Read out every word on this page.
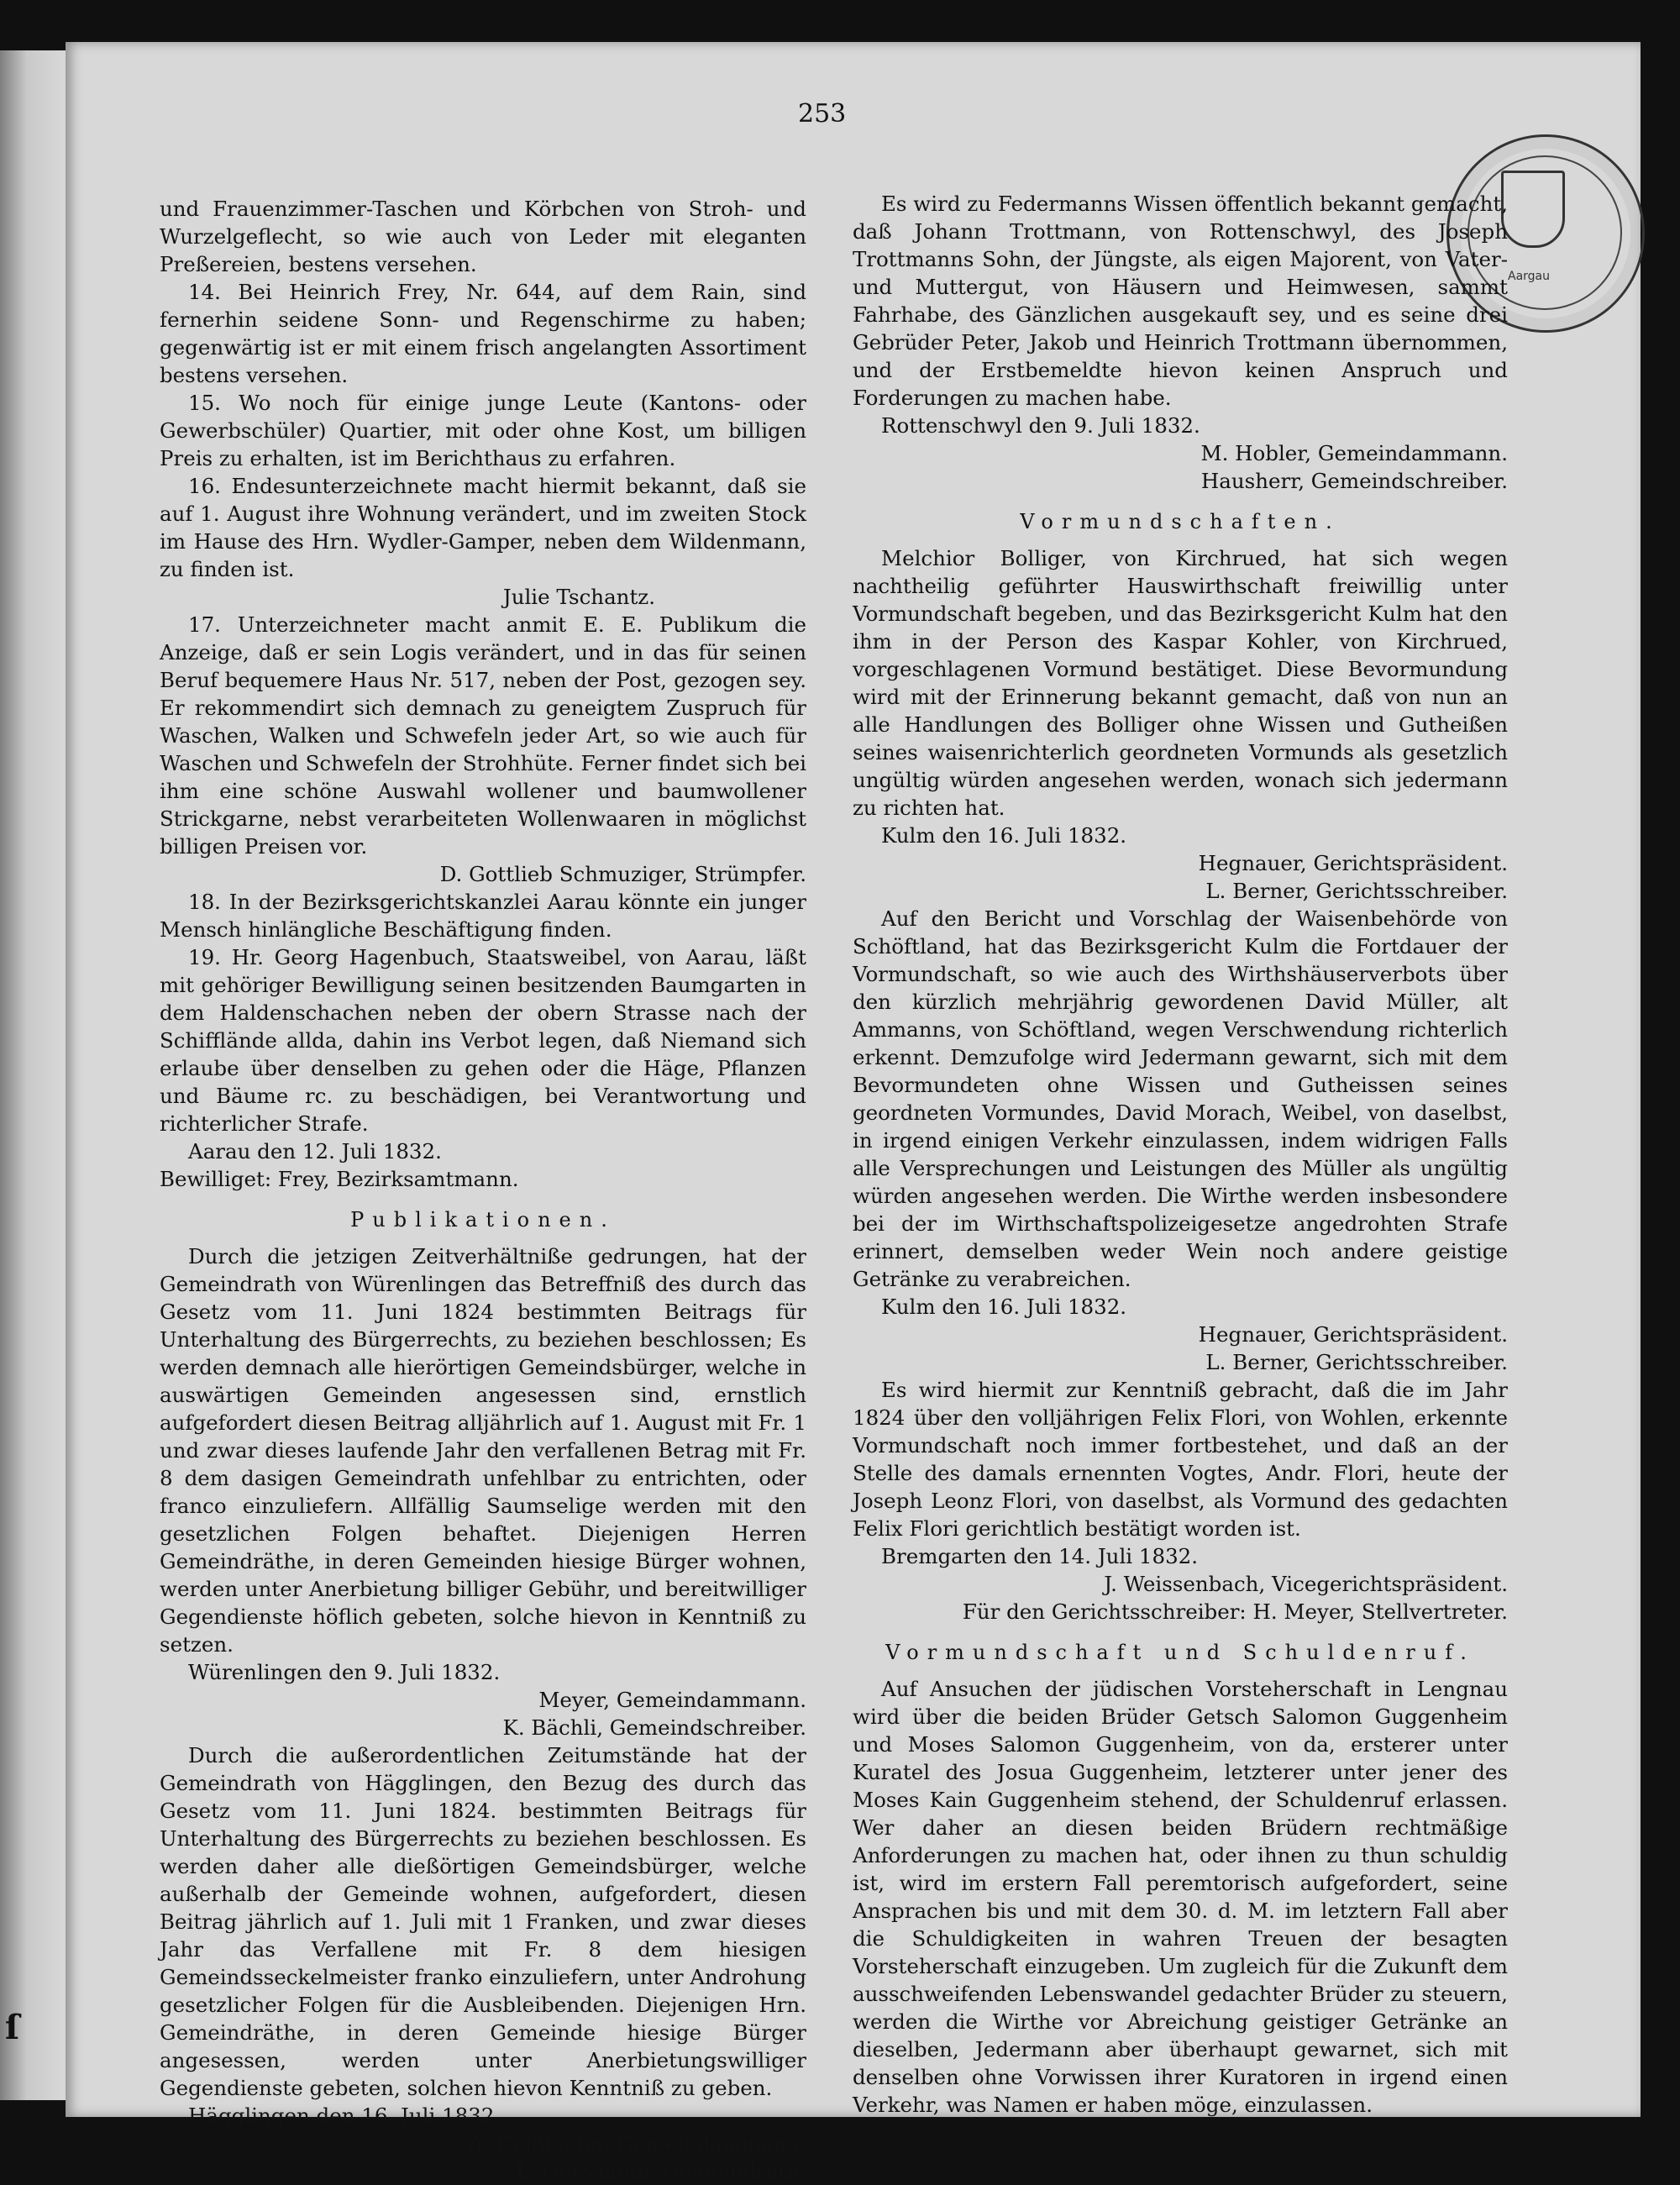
ſ
253
Aargau

und Frauenzimmer-Taschen und Körbchen von Stroh- und Wurzelgeflecht, so wie auch von Leder mit eleganten Preßereien, bestens versehen.

14. Bei Heinrich Frey, Nr. 644, auf dem Rain, sind fernerhin seidene Sonn- und Regenschirme zu haben; gegenwärtig ist er mit einem frisch angelangten Assortiment bestens versehen.

15. Wo noch für einige junge Leute (Kantons- oder Gewerbschüler) Quartier, mit oder ohne Kost, um billigen Preis zu erhalten, ist im Berichthaus zu erfahren.

16. Endesunterzeichnete macht hiermit bekannt, daß sie auf 1. August ihre Wohnung verändert, und im zweiten Stock im Hause des Hrn. Wydler-Gamper, neben dem Wildenmann, zu finden ist.

Julie Tschantz.

17. Unterzeichneter macht anmit E. E. Publikum die Anzeige, daß er sein Logis verändert, und in das für seinen Beruf bequemere Haus Nr. 517, neben der Post, gezogen sey. Er rekommendirt sich demnach zu geneigtem Zuspruch für Waschen, Walken und Schwefeln jeder Art, so wie auch für Waschen und Schwefeln der Strohhüte. Ferner findet sich bei ihm eine schöne Auswahl wollener und baumwollener Strickgarne, nebst verarbeiteten Wollenwaaren in möglichst billigen Preisen vor.

D. Gottlieb Schmuziger, Strümpfer.

18. In der Bezirksgerichtskanzlei Aarau könnte ein junger Mensch hinlängliche Beschäftigung finden.

19. Hr. Georg Hagenbuch, Staatsweibel, von Aarau, läßt mit gehöriger Bewilligung seinen besitzenden Baumgarten in dem Haldenschachen neben der obern Strasse nach der Schifflände allda, dahin ins Verbot legen, daß Niemand sich erlaube über denselben zu gehen oder die Häge, Pflanzen und Bäume rc. zu beschädigen, bei Verantwortung und richterlicher Strafe.

Aarau den 12. Juli 1832.

Bewilliget: Frey, Bezirksamtmann.

Publikationen.

Durch die jetzigen Zeitverhältniße gedrungen, hat der Gemeindrath von Würenlingen das Betreffniß des durch das Gesetz vom 11. Juni 1824 bestimmten Beitrags für Unterhaltung des Bürgerrechts, zu beziehen beschlossen; Es werden demnach alle hierörtigen Gemeindsbürger, welche in auswärtigen Gemeinden angesessen sind, ernstlich aufgefordert diesen Beitrag alljährlich auf 1. August mit Fr. 1 und zwar dieses laufende Jahr den verfallenen Betrag mit Fr. 8 dem dasigen Gemeindrath unfehlbar zu entrichten, oder franco einzuliefern. Allfällig Saumselige werden mit den gesetzlichen Folgen behaftet. Diejenigen Herren Gemeindräthe, in deren Gemeinden hiesige Bürger wohnen, werden unter Anerbietung billiger Gebühr, und bereitwilliger Gegendienste höflich gebeten, solche hievon in Kenntniß zu setzen.

Würenlingen den 9. Juli 1832.

Meyer, Gemeindammann.

K. Bächli, Gemeindschreiber.

Durch die außerordentlichen Zeitumstände hat der Gemeindrath von Hägglingen, den Bezug des durch das Gesetz vom 11. Juni 1824. bestimmten Beitrags für Unterhaltung des Bürgerrechts zu beziehen beschlossen. Es werden daher alle dießörtigen Gemeindsbürger, welche außerhalb der Gemeinde wohnen, aufgefordert, diesen Beitrag jährlich auf 1. Juli mit 1 Franken, und zwar dieses Jahr das Verfallene mit Fr. 8 dem hiesigen Gemeindsseckelmeister franko einzuliefern, unter Androhung gesetzlicher Folgen für die Ausbleibenden. Diejenigen Hrn. Gemeindräthe, in deren Gemeinde hiesige Bürger angesessen, werden unter Anerbietungswilliger Gegendienste gebeten, solchen hievon Kenntniß zu geben.

Hägglingen den 16. Juli 1832.

A. Geißmann, Gemeindammann.

L. Geißmann, Gemeindrath.

Es wird zu Federmanns Wissen öffentlich bekannt gemacht, daß Johann Trottmann, von Rottenschwyl, des Joseph Trottmanns Sohn, der Jüngste, als eigen Majorent, von Vater- und Muttergut, von Häusern und Heimwesen, sammt Fahrhabe, des Gänzlichen ausgekauft sey, und es seine drei Gebrüder Peter, Jakob und Heinrich Trottmann übernommen, und der Erstbemeldte hievon keinen Anspruch und Forderungen zu machen habe.

Rottenschwyl den 9. Juli 1832.

M. Hobler, Gemeindammann.

Hausherr, Gemeindschreiber.

Vormundschaften.

Melchior Bolliger, von Kirchrued, hat sich wegen nachtheilig geführter Hauswirthschaft freiwillig unter Vormundschaft begeben, und das Bezirksgericht Kulm hat den ihm in der Person des Kaspar Kohler, von Kirchrued, vorgeschlagenen Vormund bestätiget. Diese Bevormundung wird mit der Erinnerung bekannt gemacht, daß von nun an alle Handlungen des Bolliger ohne Wissen und Gutheißen seines waisenrichterlich geordneten Vormunds als gesetzlich ungültig würden angesehen werden, wonach sich jedermann zu richten hat.

Kulm den 16. Juli 1832.

Hegnauer, Gerichtspräsident.

L. Berner, Gerichtsschreiber.

Auf den Bericht und Vorschlag der Waisenbehörde von Schöftland, hat das Bezirksgericht Kulm die Fortdauer der Vormundschaft, so wie auch des Wirthshäuserverbots über den kürzlich mehrjährig gewordenen David Müller, alt Ammanns, von Schöftland, wegen Verschwendung richterlich erkennt. Demzufolge wird Jedermann gewarnt, sich mit dem Bevormundeten ohne Wissen und Gutheissen seines geordneten Vormundes, David Morach, Weibel, von daselbst, in irgend einigen Verkehr einzulassen, indem widrigen Falls alle Versprechungen und Leistungen des Müller als ungültig würden angesehen werden. Die Wirthe werden insbesondere bei der im Wirthschaftspolizeigesetze angedrohten Strafe erinnert, demselben weder Wein noch andere geistige Getränke zu verabreichen.

Kulm den 16. Juli 1832.

Hegnauer, Gerichtspräsident.

L. Berner, Gerichtsschreiber.

Es wird hiermit zur Kenntniß gebracht, daß die im Jahr 1824 über den volljährigen Felix Flori, von Wohlen, erkennte Vormundschaft noch immer fortbestehet, und daß an der Stelle des damals ernennten Vogtes, Andr. Flori, heute der Joseph Leonz Flori, von daselbst, als Vormund des gedachten Felix Flori gerichtlich bestätigt worden ist.

Bremgarten den 14. Juli 1832.

J. Weissenbach, Vicegerichtspräsident.

Für den Gerichtsschreiber: H. Meyer, Stellvertreter.

Vormundschaft und Schuldenruf.

Auf Ansuchen der jüdischen Vorsteherschaft in Lengnau wird über die beiden Brüder Getsch Salomon Guggenheim und Moses Salomon Guggenheim, von da, ersterer unter Kuratel des Josua Guggenheim, letzterer unter jener des Moses Kain Guggenheim stehend, der Schuldenruf erlassen. Wer daher an diesen beiden Brüdern rechtmäßige Anforderungen zu machen hat, oder ihnen zu thun schuldig ist, wird im erstern Fall peremtorisch aufgefordert, seine Ansprachen bis und mit dem 30. d. M. im letztern Fall aber die Schuldigkeiten in wahren Treuen der besagten Vorsteherschaft einzugeben. Um zugleich für die Zukunft dem ausschweifenden Lebenswandel gedachter Brüder zu steuern, werden die Wirthe vor Abreichung geistiger Getränke an dieselben, Jedermann aber überhaupt gewarnet, sich mit denselben ohne Vorwissen ihrer Kuratoren in irgend einen Verkehr, was Namen er haben möge, einzulassen.
